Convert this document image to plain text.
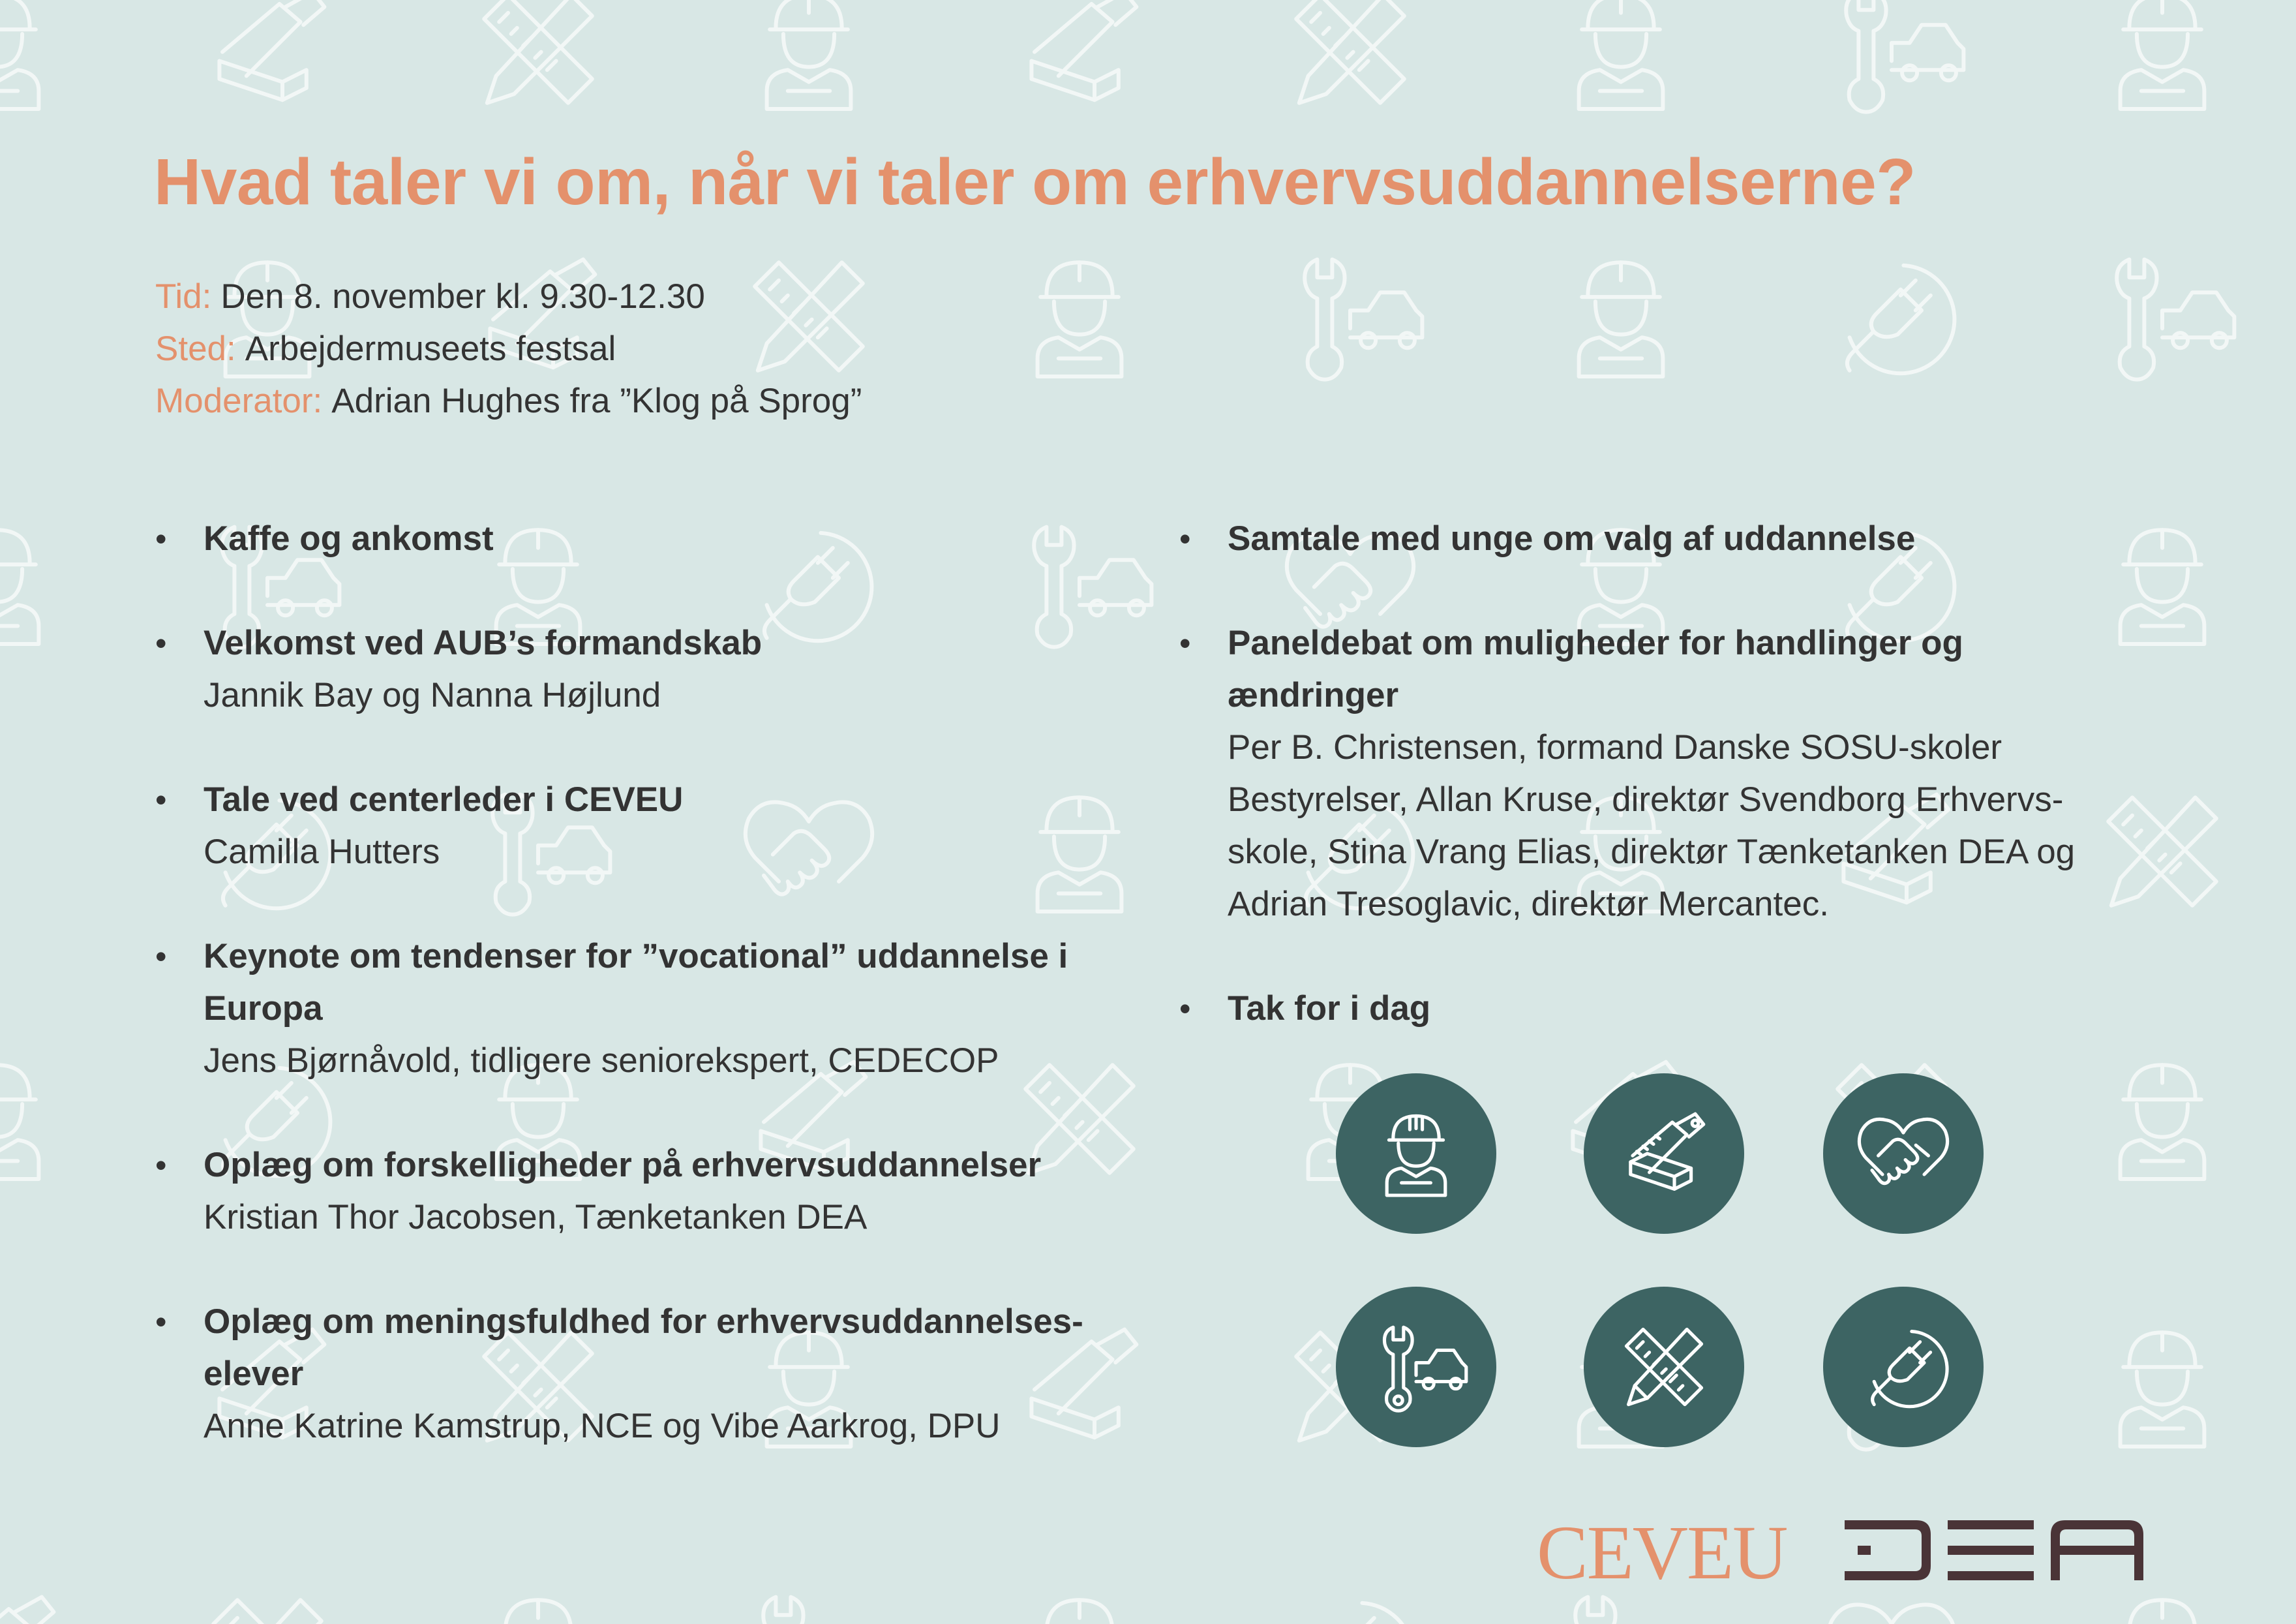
Hvad taler vi om, når vi taler om erhvervsuddannelserne?
Tid: Den 8. november kl. 9.30-12.30
Sted: Arbejdermuseets festsal
Moderator: Adrian Hughes fra ”Klog på Sprog”
• Kaffe og ankomst
• Velkomst ved AUB’s formandskab
Jannik Bay og Nanna Højlund
• Tale ved centerleder i CEVEU
Camilla Hutters
• Keynote om tendenser for ”vocational” uddannelse i
Europa
Jens Bjørnåvold, tidligere seniorekspert, CEDECOP
• Oplæg om forskelligheder på erhvervsuddannelser
Kristian Thor Jacobsen, Tænketanken DEA
• Oplæg om meningsfuldhed for erhvervsuddannelses-
elever
Anne Katrine Kamstrup, NCE og Vibe Aarkrog, DPU
• Samtale med unge om valg af uddannelse
• Paneldebat om muligheder for handlinger og
ændringer
Per B. Christensen, formand Danske SOSU-skoler
Bestyrelser, Allan Kruse, direktør Svendborg Erhvervs-
skole, Stina Vrang Elias, direktør Tænketanken DEA og
Adrian Tresoglavic, direktør Mercantec.
• Tak for i dag
CEVEU
